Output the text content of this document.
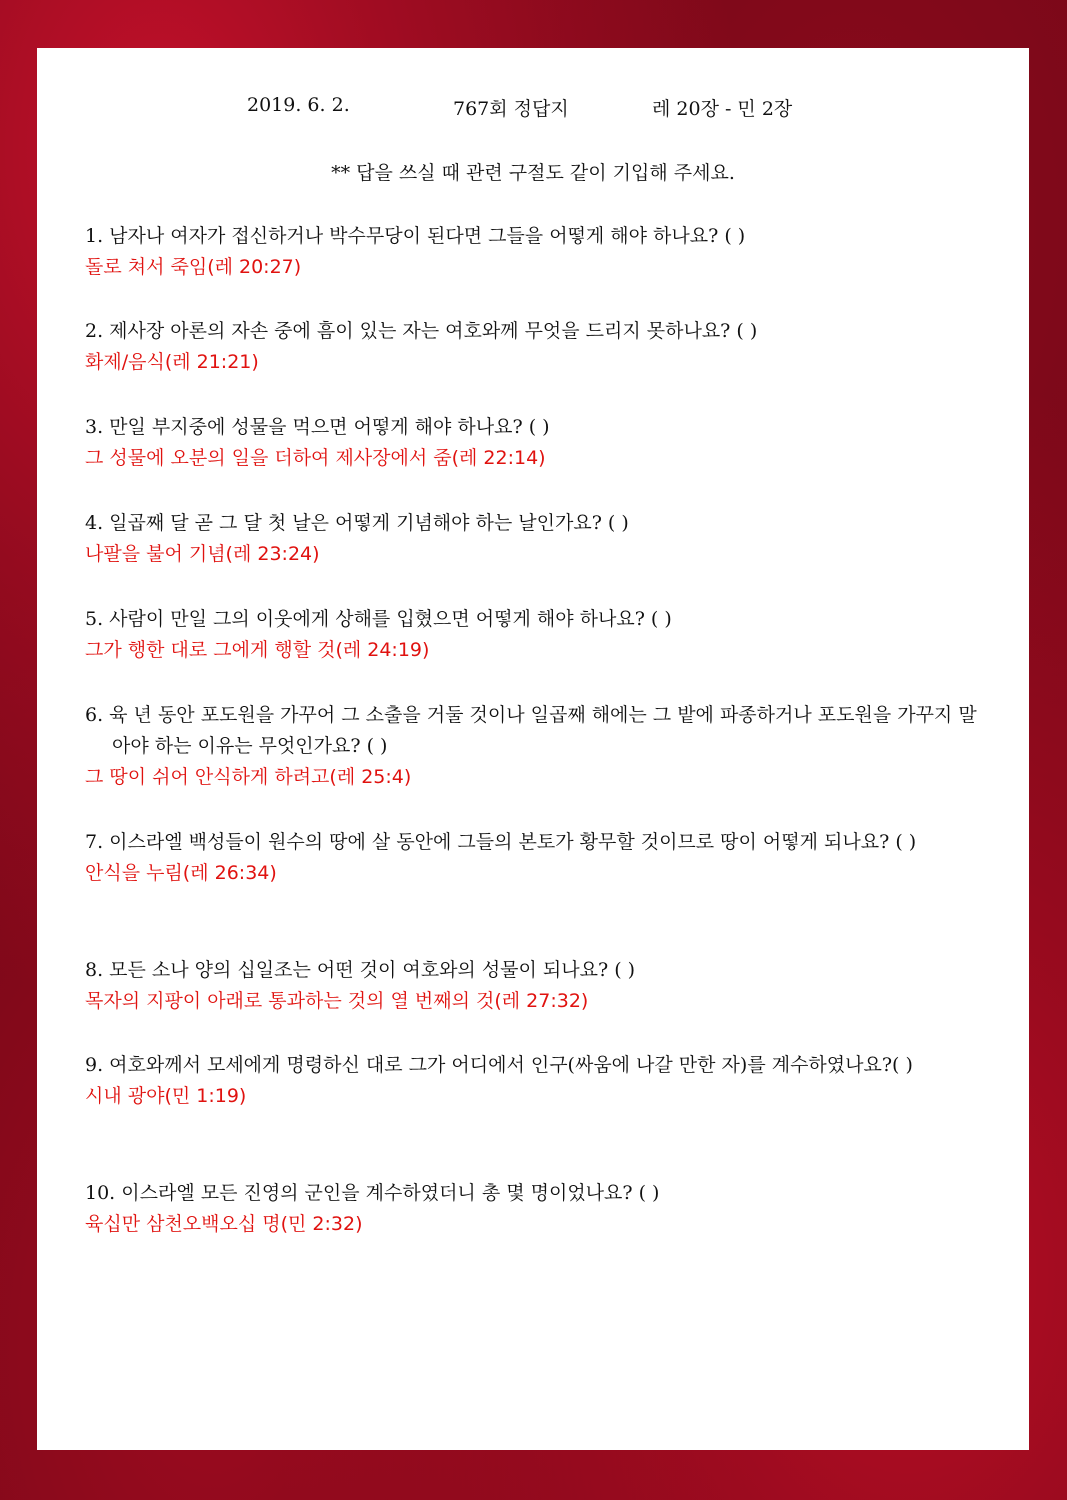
2019. 6. 2.	767회 정답지	레 20장 - 민 2장
** 답을 쓰실 때 관련 구절도 같이 기입해 주세요.
1. 남자나 여자가 접신하거나 박수무당이 된다면 그들을 어떻게 해야 하나요? ( )
돌로 쳐서 죽임(레 20:27)
2. 제사장 아론의 자손 중에 흠이 있는 자는 여호와께 무엇을 드리지 못하나요? ( )
화제/음식(레 21:21)
3. 만일 부지중에 성물을 먹으면 어떻게 해야 하나요? ( )
그 성물에 오분의 일을 더하여 제사장에서 줌(레 22:14)
4. 일곱째 달 곧 그 달 첫 날은 어떻게 기념해야 하는 날인가요? ( )
나팔을 불어 기념(레 23:24)
5. 사람이 만일 그의 이웃에게 상해를 입혔으면 어떻게 해야 하나요? ( )
그가 행한 대로 그에게 행할 것(레 24:19)
6. 육 년 동안 포도원을 가꾸어 그 소출을 거둘 것이나 일곱째 해에는 그 밭에 파종하거나 포도원을 가꾸지 말아야 하는 이유는 무엇인가요? ( )
그 땅이 쉬어 안식하게 하려고(레 25:4)
7. 이스라엘 백성들이 원수의 땅에 살 동안에 그들의 본토가 황무할 것이므로 땅이 어떻게 되나요? ( )
안식을 누림(레 26:34)
8. 모든 소나 양의 십일조는 어떤 것이 여호와의 성물이 되나요? ( )
목자의 지팡이 아래로 통과하는 것의 열 번째의 것(레 27:32)
9. 여호와께서 모세에게 명령하신 대로 그가 어디에서 인구(싸움에 나갈 만한 자)를 계수하였나요?( )
시내 광야(민 1:19)
10. 이스라엘 모든 진영의 군인을 계수하였더니 총 몇 명이었나요? ( )
육십만 삼천오백오십 명(민 2:32)
